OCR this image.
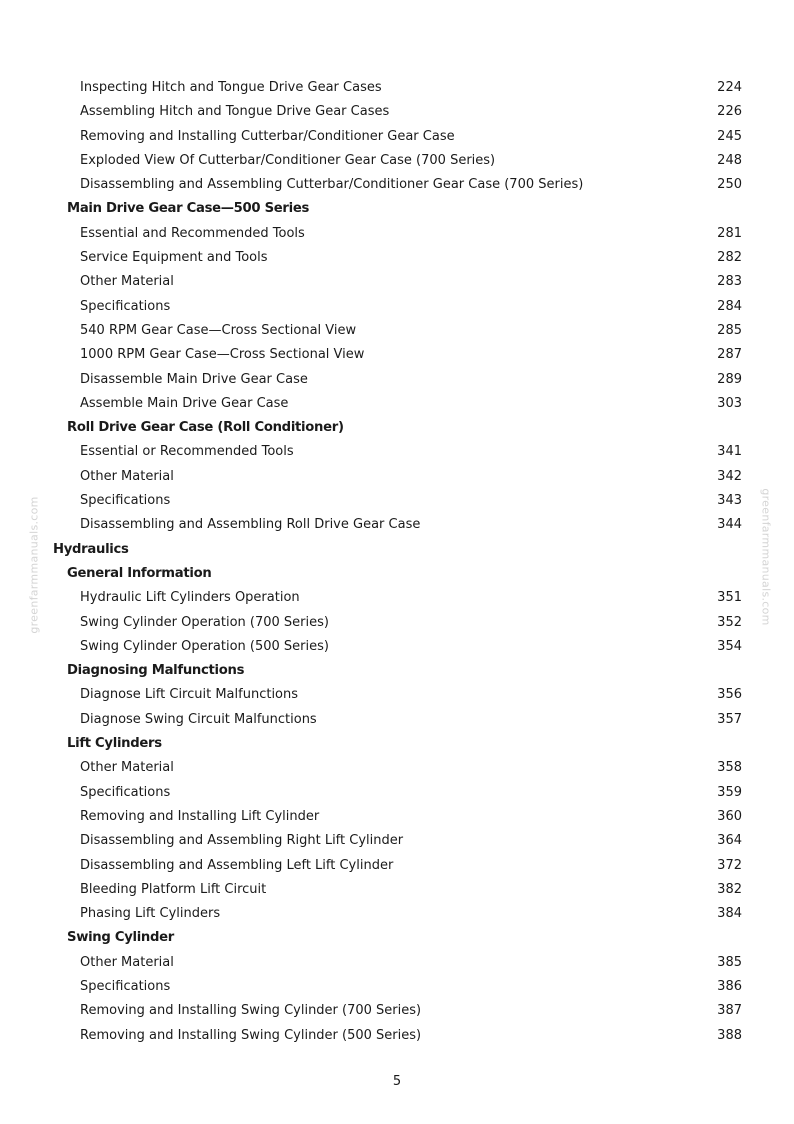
greenfarmmanuals.com	greenfarmmanuals.com
Inspecting Hitch and Tongue Drive Gear Cases	224
Assembling Hitch and Tongue Drive Gear Cases	226
Removing and Installing Cutterbar/Conditioner Gear Case	245
Exploded View Of Cutterbar/Conditioner Gear Case (700 Series)	248
Disassembling and Assembling Cutterbar/Conditioner Gear Case (700 Series)	250
Main Drive Gear Case—500 Series
Essential and Recommended Tools	281
Service Equipment and Tools	282
Other Material	283
Specifications	284
540 RPM Gear Case—Cross Sectional View	285
1000 RPM Gear Case—Cross Sectional View	287
Disassemble Main Drive Gear Case	289
Assemble Main Drive Gear Case	303
Roll Drive Gear Case (Roll Conditioner)
Essential or Recommended Tools	341
Other Material	342
Specifications	343
Disassembling and Assembling Roll Drive Gear Case	344
Hydraulics
General Information
Hydraulic Lift Cylinders Operation	351
Swing Cylinder Operation (700 Series)	352
Swing Cylinder Operation (500 Series)	354
Diagnosing Malfunctions
Diagnose Lift Circuit Malfunctions	356
Diagnose Swing Circuit Malfunctions	357
Lift Cylinders
Other Material	358
Specifications	359
Removing and Installing Lift Cylinder	360
Disassembling and Assembling Right Lift Cylinder	364
Disassembling and Assembling Left Lift Cylinder	372
Bleeding Platform Lift Circuit	382
Phasing Lift Cylinders	384
Swing Cylinder
Other Material	385
Specifications	386
Removing and Installing Swing Cylinder (700 Series)	387
Removing and Installing Swing Cylinder (500 Series)	388
5
